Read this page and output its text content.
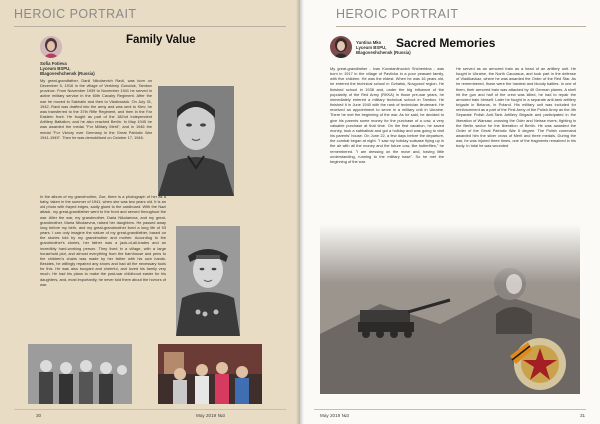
HEROIC PORTRAIT
Sofia Fotieva
Lyceum BSPU,
Blagoveshchensk (Russia)
Family Value
My great-grandfather, Danil Nikolaevich Ravil, was born on December 5, 1916 in the village of Verkhniy Gorodok, Tambov province. From November 1939 to November 1941 he served in active military service in the 60th Cavalry Regiment. After the war he moved to Sakhalin and then to Vladivostok. On July 31, 1942, Ravil was drafted into the army and was sent to Kiev; he was transferred to the 37th Rifle Regiment, and then in the Far Eastern front. He fought as part of the 182nd Independent Artillery Battalion, and he also reached Berlin. In May 1945 he was awarded the medal "For Military Merit", and in 1946 the medal "For Victory over Germany in the Great Patriotic War 1941-1945". Then he was demobilised on October 17, 1946.
In the album of my grandmother, Zoe, there is a photograph of her as a baby, taken in the summer of 1941, when she was two years old. It is an old photo with frayed edges, sadly glued to the cardboard. With the Nazi attack, my great-grandfather went to the front and served throughout the war. After the war, my grandmother, Daria Nikolaevna, and my great-grandmother, Maria Nikolaevna, raised her daughters. He passed away long before my birth, and my great-grandmother lived a long life of 93 years. I can only imagine the nature of my great-grandfather, based on the stories told by my grandmother and mother. According to the grandmother's stories, her father was a jack-of-all-trades and an incredibly hard-working person. They lived in a village, with a large household plot, and almost everything from the barnhouse and pens to the children's chairs was made by her father with his own hands. Besides, he willingly repaired any shoes and had all the necessary tools for this. He was also buoyant and cheerful, and loved his family very much. He had his plans to make the post-war childhood easier for his daughters, and, most importantly, he never told them about the horrors of war.
30	May 2019 №3
HEROIC PORTRAIT
Yuntina Mko
Lyceum BSPU,
Blagoveshchensk (Russia)
Sacred Memories
My great-grandfather - Ivan Konstantinovich Shcherbina - was born in 1917 in the village of Pavlivka in a poor peasant family, with five children. He was the eldest. When he was 16 years old, he entered the technical school in Gzhatsk, Novgorod region. He finished school in 1938 and, under the big influence of the popularity of the Red Army (RKKA) in those pre-war years, he immediately entered a military technical school in Tambov. He finished it in June 1940 with the rank of technician lieutenant. He received an appointment to serve in a military unit in Ukraine. There he met the beginning of the war. As he said, he decided to give his parents some money for the purchase of a cow, a very valuable purchase at that time. On the first vacation, he saved money, took a sabbatical and got a holiday and was going to visit his parents' house. On June 22, a few days before the departure, the combat began at night. "I saw my holiday suitcase flying up in the air with all the money and the future cow, like butterflies," he remembered. "I am dressing on the move and, having little understanding, running to the military base". So he met the beginning of the war.
He served as an armored train as a head of an artillery unit. He fought in Ukraine, the North Caucasus, and took part in the defense of Vladikavkaz, where he was awarded the Order of the Red Star. As he remembered, those were the hardest and bloody battles. In one of them, their armored train was attacked by 40 German planes. A shell hit the gun and half of the crew was killed, he had to repair the armored train himself. Later he fought in a separate anti-tank artillery brigade in Belarus, in Poland. His military unit was included for reinforcement as a part of the First Army of the Polish Army as the 4th Separate Polish Anti-Tank Artillery Brigade and participated in the liberation of Warsaw, crossing the Oder and Neisse rivers, fighting in the Berlin sector for the liberation of Berlin. He was awarded the Order of the Great Patriotic War II degree. The Polish command awarded him the silver cross of Merit and three medals. During the war, he was injured three times, one of the fragments remained in his body. In total he was wounded
May 2019 №3	31
